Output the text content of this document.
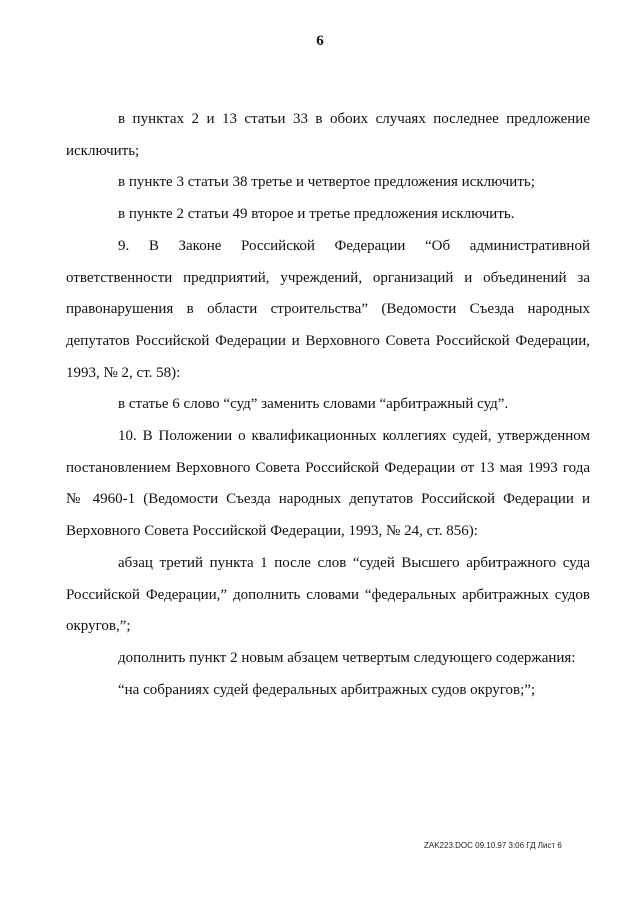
6

в пунктах 2 и 13 статьи 33 в обоих случаях последнее предложение исключить;

в пункте 3 статьи 38 третье и четвертое предложения исключить;

в пункте 2 статьи 49 второе и третье предложения исключить.

9. В Законе Российской Федерации “Об административной ответственности предприятий, учреждений, организаций и объединений за правонарушения в области строительства” (Ведомости Съезда народных депутатов Российской Федерации и Верховного Совета Российской Федерации, 1993, № 2, ст. 58):

в статье 6 слово “суд” заменить словами “арбитражный суд”.

10. В Положении о квалификационных коллегиях судей, утвержденном постановлением Верховного Совета Российской Федерации от 13 мая 1993 года № 4960-1 (Ведомости Съезда народных депутатов Российской Федерации и Верховного Совета Российской Федерации, 1993, № 24, ст. 856):

абзац третий пункта 1 после слов “судей Высшего арбитражного суда Российской Федерации,” дополнить словами “федеральных арбитражных судов округов,”;

дополнить пункт 2 новым абзацем четвертым следующего содержания:

“на собраниях судей федеральных арбитражных судов округов;”;

ZAK223.DOC 09.10.97 3:06 ГД Лист 6
